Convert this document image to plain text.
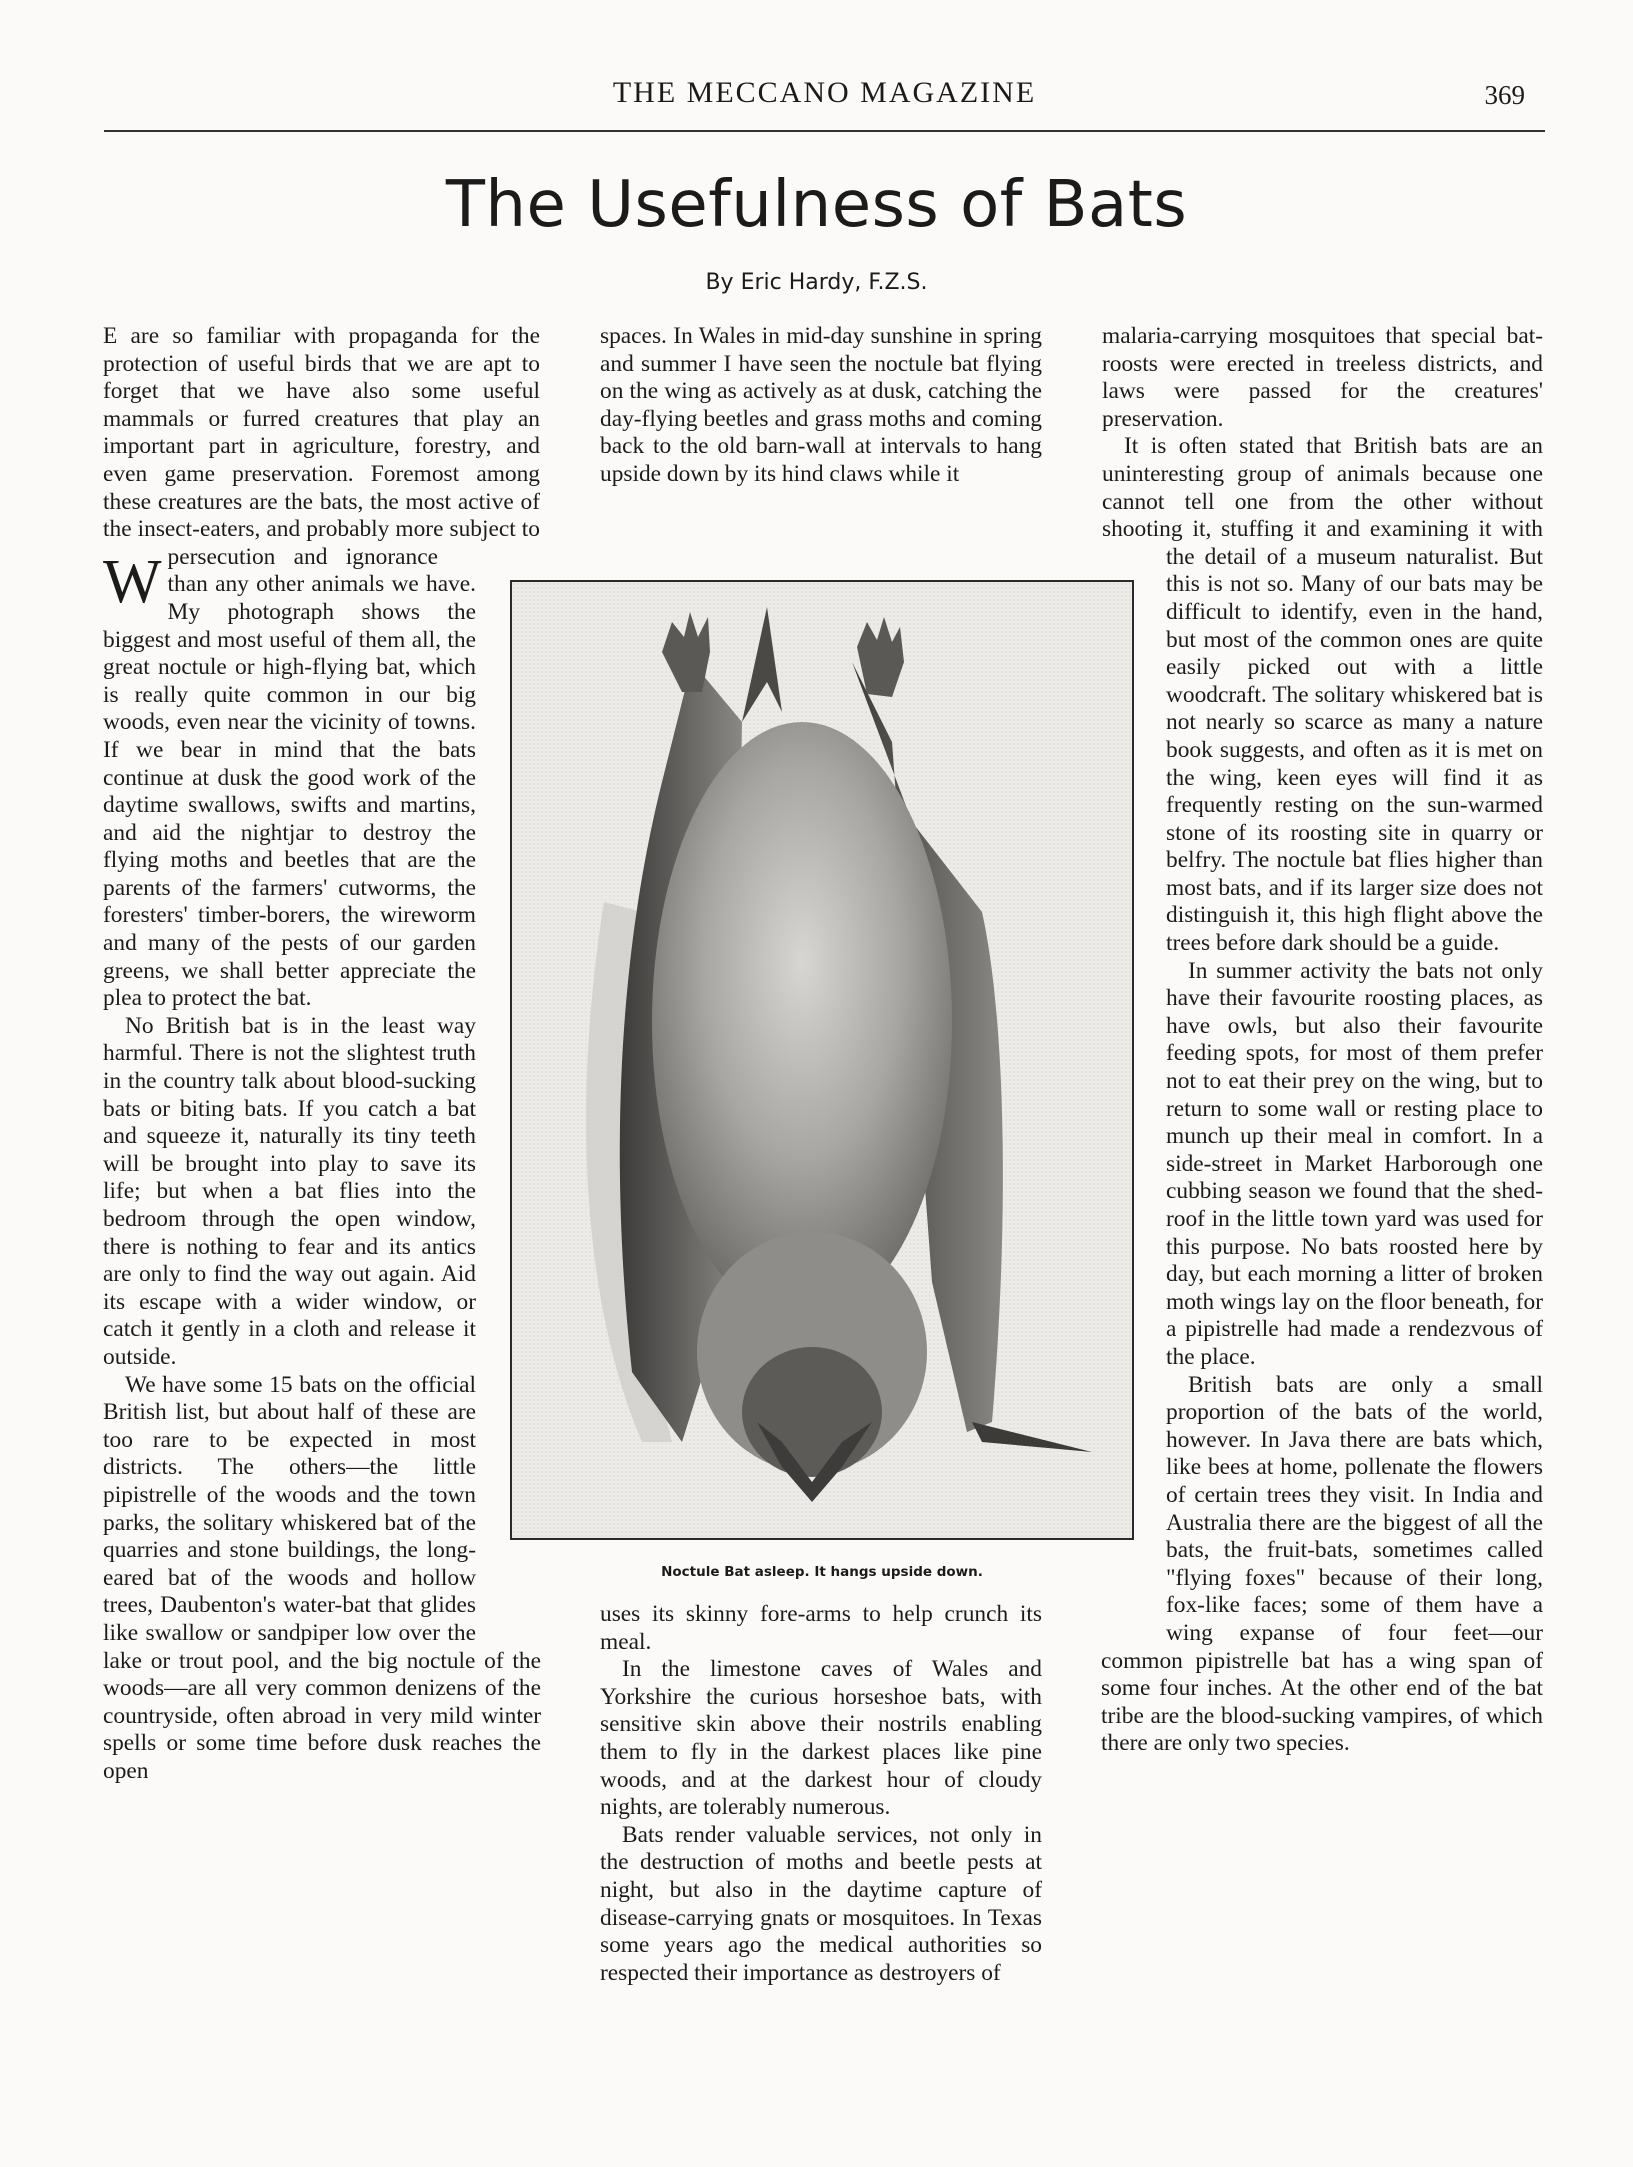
THE MECCANO MAGAZINE	369
The Usefulness of Bats
By Eric Hardy, F.Z.S.

W
E are so familiar with propaganda for the protection of useful birds that we are apt to forget that we have also some useful mammals or furred creatures that play an important part in agriculture, forestry, and even game preservation. Foremost among these creatures are the bats, the most active of the insect-eaters, and probably more subject to persecution and ignorance than any other animals we have. My photograph shows the biggest and most useful of them all, the great noctule or high-flying bat, which is really quite common in our big woods, even near the vicinity of towns. If we bear in mind that the bats continue at dusk the good work of the daytime swallows, swifts and martins, and aid the nightjar to destroy the flying moths and beetles that are the parents of the farmers' cutworms, the foresters' timber-borers, the wireworm and many of the pests of our garden greens, we shall better appreciate the plea to protect the bat.

No British bat is in the least way harmful. There is not the slightest truth in the country talk about blood-sucking bats or biting bats. If you catch a bat and squeeze it, naturally its tiny teeth will be brought into play to save its life; but when a bat flies into the bedroom through the open window, there is nothing to fear and its antics are only to find the way out again. Aid its escape with a wider window, or catch it gently in a cloth and release it outside.

We have some 15 bats on the official British list, but about half of these are too rare to be expected in most districts. The others—the little pipistrelle of the woods and the town parks, the solitary whiskered bat of the quarries and stone buildings, the long-eared bat of the woods and hollow trees, Daubenton's water-bat that glides like swallow or sandpiper low over the lake or trout pool, and the big noctule of the woods—are all very common denizens of the countryside, often abroad in very mild winter spells or some time before dusk reaches the open

spaces. In Wales in mid-day sunshine in spring and summer I have seen the noctule bat flying on the wing as actively as at dusk, catching the day-flying beetles and grass moths and coming back to the old barn-wall at intervals to hang upside down by its hind claws while it

Noctule Bat asleep. It hangs upside down.

uses its skinny fore-arms to help crunch its meal.

In the limestone caves of Wales and Yorkshire the curious horseshoe bats, with sensitive skin above their nostrils enabling them to fly in the darkest places like pine woods, and at the darkest hour of cloudy nights, are tolerably numerous.

Bats render valuable services, not only in the destruction of moths and beetle pests at night, but also in the daytime capture of disease-carrying gnats or mosquitoes. In Texas some years ago the medical authorities so respected their importance as destroyers of

malaria-carrying mosquitoes that special bat-roosts were erected in treeless districts, and laws were passed for the creatures' preservation.

It is often stated that British bats are an uninteresting group of animals because one cannot tell one from the other without shooting it, stuffing it and examining it with the detail of a museum naturalist. But this is not so. Many of our bats may be difficult to identify, even in the hand, but most of the common ones are quite easily picked out with a little woodcraft. The solitary whiskered bat is not nearly so scarce as many a nature book suggests, and often as it is met on the wing, keen eyes will find it as frequently resting on the sun-warmed stone of its roosting site in quarry or belfry. The noctule bat flies higher than most bats, and if its larger size does not distinguish it, this high flight above the trees before dark should be a guide.

In summer activity the bats not only have their favourite roosting places, as have owls, but also their favourite feeding spots, for most of them prefer not to eat their prey on the wing, but to return to some wall or resting place to munch up their meal in comfort. In a side-street in Market Harborough one cubbing season we found that the shed-roof in the little town yard was used for this purpose. No bats roosted here by day, but each morning a litter of broken moth wings lay on the floor beneath, for a pipistrelle had made a rendezvous of the place.

British bats are only a small proportion of the bats of the world, however. In Java there are bats which, like bees at home, pollenate the flowers of certain trees they visit. In India and Australia there are the biggest of all the bats, the fruit-bats, sometimes called "flying foxes" because of their long, fox-like faces; some of them have a wing expanse of four feet—our common pipistrelle bat has a wing span of some four inches. At the other end of the bat tribe are the blood-sucking vampires, of which there are only two species.
